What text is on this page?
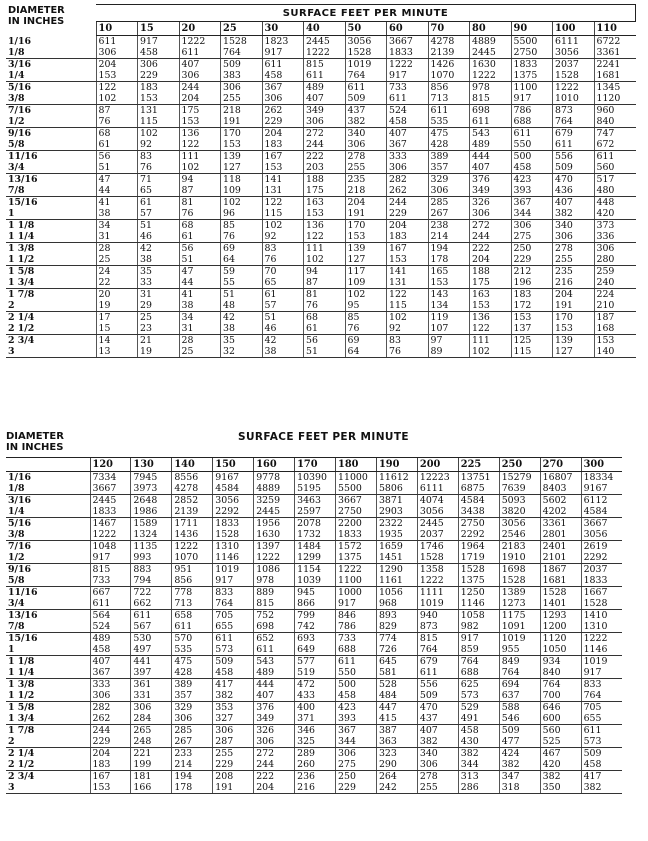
DIAMETER
IN INCHES	SURFACE FEET PER MINUTE												
	10	15	20	25	30	40	50	60	70	80	90	100	110
1/16	611	917	1222	1528	1823	2445	3056	3667	4278	4889	5500	6111	6722
1/8	306	458	611	764	917	1222	1528	1833	2139	2445	2750	3056	3361
3/16	204	306	407	509	611	815	1019	1222	1426	1630	1833	2037	2241
1/4	153	229	306	383	458	611	764	917	1070	1222	1375	1528	1681
5/16	122	183	244	306	367	489	611	733	856	978	1100	1222	1345
3/8	102	153	204	255	306	407	509	611	713	815	917	1010	1120
7/16	87	131	175	218	262	349	437	524	611	698	786	873	960
1/2	76	115	153	191	229	306	382	458	535	611	688	764	840
9/16	68	102	136	170	204	272	340	407	475	543	611	679	747
5/8	61	92	122	153	183	244	306	367	428	489	550	611	672
11/16	56	83	111	139	167	222	278	333	389	444	500	556	611
3/4	51	76	102	127	153	203	255	306	357	407	458	509	560
13/16	47	71	94	118	141	188	235	282	329	376	423	470	517
7/8	44	65	87	109	131	175	218	262	306	349	393	436	480
15/16	41	61	81	102	122	163	204	244	285	326	367	407	448
1	38	57	76	96	115	153	191	229	267	306	344	382	420
1 1/8	34	51	68	85	102	136	170	204	238	272	306	340	373
1 1/4	31	46	61	76	92	122	153	183	214	244	275	306	336
1 3/8	28	42	56	69	83	111	139	167	194	222	250	278	306
1 1/2	25	38	51	64	76	102	127	153	178	204	229	255	280
1 5/8	24	35	47	59	70	94	117	141	165	188	212	235	259
1 3/4	22	33	44	55	65	87	109	131	153	175	196	216	240
1 7/8	20	31	41	51	61	81	102	122	143	163	183	204	224
2	19	29	38	48	57	76	95	115	134	153	172	191	210
2 1/4	17	25	34	42	51	68	85	102	119	136	153	170	187
2 1/2	15	23	31	38	46	61	76	92	107	122	137	153	168
2 3/4	14	21	28	35	42	56	69	83	97	111	125	139	153
3	13	19	25	32	38	51	64	76	89	102	115	127	140
DIAMETER
IN INCHES
SURFACE FEET PER MINUTE
	120	130	140	150	160	170	180	190	200	225	250	270	300
1/16	7334	7945	8556	9167	9778	10390	11000	11612	12223	13751	15279	16807	18334
1/8	3667	3973	4278	4584	4889	5195	5500	5806	6111	6875	7639	8403	9167
3/16	2445	2648	2852	3056	3259	3463	3667	3871	4074	4584	5093	5602	6112
1/4	1833	1986	2139	2292	2445	2597	2750	2903	3056	3438	3820	4202	4584
5/16	1467	1589	1711	1833	1956	2078	2200	2322	2445	2750	3056	3361	3667
3/8	1222	1324	1436	1528	1630	1732	1833	1935	2037	2292	2546	2801	3056
7/16	1048	1135	1222	1310	1397	1484	1572	1659	1746	1964	2183	2401	2619
1/2	917	993	1070	1146	1222	1299	1375	1451	1528	1719	1910	2101	2292
9/16	815	883	951	1019	1086	1154	1222	1290	1358	1528	1698	1867	2037
5/8	733	794	856	917	978	1039	1100	1161	1222	1375	1528	1681	1833
11/16	667	722	778	833	889	945	1000	1056	1111	1250	1389	1528	1667
3/4	611	662	713	764	815	866	917	968	1019	1146	1273	1401	1528
13/16	564	611	658	705	752	799	846	893	940	1058	1175	1293	1410
7/8	524	567	611	655	698	742	786	829	873	982	1091	1200	1310
15/16	489	530	570	611	652	693	733	774	815	917	1019	1120	1222
1	458	497	535	573	611	649	688	726	764	859	955	1050	1146
1 1/8	407	441	475	509	543	577	611	645	679	764	849	934	1019
1 1/4	367	397	428	458	489	519	550	581	611	688	764	840	917
1 3/8	333	361	389	417	444	472	500	528	556	625	694	764	833
1 1/2	306	331	357	382	407	433	458	484	509	573	637	700	764
1 5/8	282	306	329	353	376	400	423	447	470	529	588	646	705
1 3/4	262	284	306	327	349	371	393	415	437	491	546	600	655
1 7/8	244	265	285	306	326	346	367	387	407	458	509	560	611
2	229	248	267	287	306	325	344	363	382	430	477	525	573
2 1/4	204	221	233	255	272	289	306	323	340	382	424	467	509
2 1/2	183	199	214	229	244	260	275	290	306	344	382	420	458
2 3/4	167	181	194	208	222	236	250	264	278	313	347	382	417
3	153	166	178	191	204	216	229	242	255	286	318	350	382
